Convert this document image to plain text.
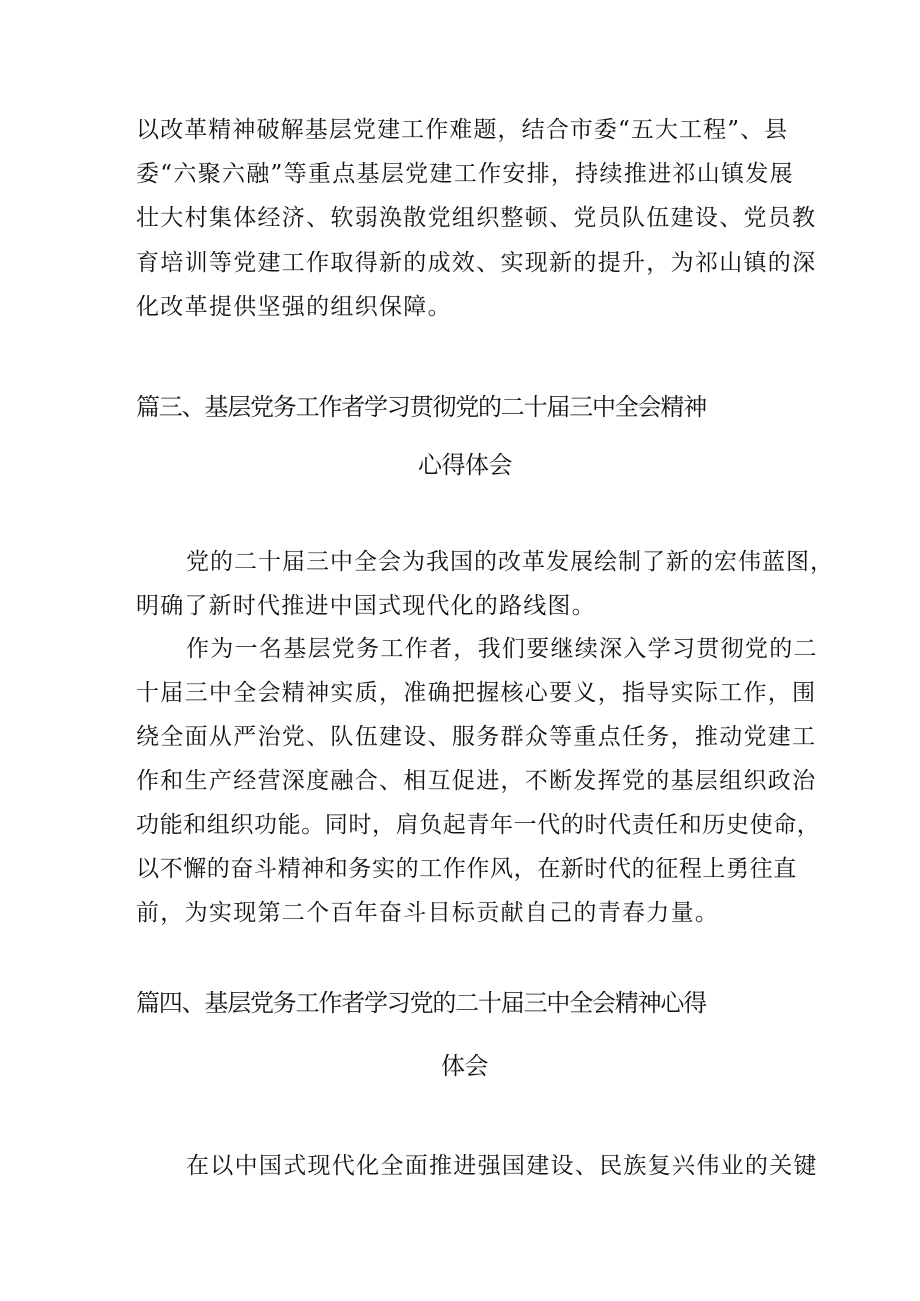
以改革精神破解基层党建工作难题，结合市委“五大工程”、县
委“六聚六融”等重点基层党建工作安排，持续推进祁山镇发展
壮大村集体经济、软弱涣散党组织整顿、党员队伍建设、党员教
育培训等党建工作取得新的成效、实现新的提升，为祁山镇的深
化改革提供坚强的组织保障。
篇三、基层党务工作者学习贯彻党的二十届三中全会精神
心得体会
党的二十届三中全会为我国的改革发展绘制了新的宏伟蓝图，
明确了新时代推进中国式现代化的路线图。
作为一名基层党务工作者，我们要继续深入学习贯彻党的二
十届三中全会精神实质，准确把握核心要义，指导实际工作，围
绕全面从严治党、队伍建设、服务群众等重点任务，推动党建工
作和生产经营深度融合、相互促进，不断发挥党的基层组织政治
功能和组织功能。同时，肩负起青年一代的时代责任和历史使命，
以不懈的奋斗精神和务实的工作作风，在新时代的征程上勇往直
前，为实现第二个百年奋斗目标贡献自己的青春力量。
篇四、基层党务工作者学习党的二十届三中全会精神心得
体会
在以中国式现代化全面推进强国建设、民族复兴伟业的关键
